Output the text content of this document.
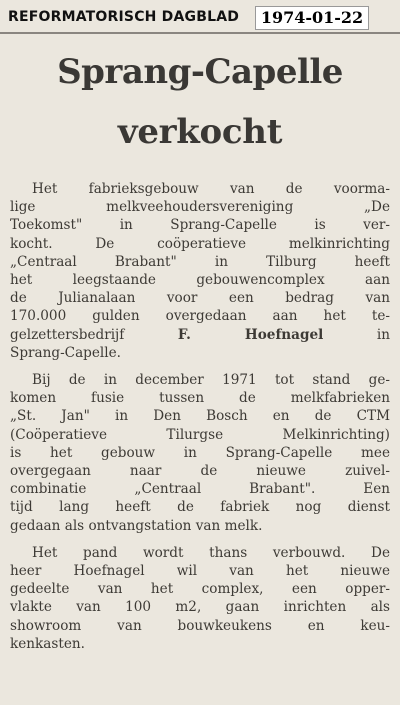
REFORMATORISCH DAGBLAD	1974-01-22
Sprang-Capelle
verkocht
Het fabrieksgebouw van de voorma-
lige melkveehoudersvereniging „De
Toekomst" in Sprang-Capelle is ver-
kocht. De coöperatieve melkinrichting
„Centraal Brabant" in Tilburg heeft
het leegstaande gebouwencomplex aan
de Julianalaan voor een bedrag van
170.000 gulden overgedaan aan het te-
gelzettersbedrijf	F. Hoefnagel	in
Sprang-Capelle.
Bij de in december 1971 tot stand ge-
komen fusie tussen de melkfabrieken
„St. Jan" in Den Bosch en de CTM
(Coöperatieve Tilurgse Melkinrichting)
is het gebouw in Sprang-Capelle mee
overgegaan naar de nieuwe zuivel-
combinatie „Centraal Brabant". Een
tijd lang heeft de fabriek nog dienst
gedaan als ontvangstation van melk.
Het pand wordt thans verbouwd. De
heer Hoefnagel wil van het nieuwe
gedeelte van het complex, een opper-
vlakte van 100 m2, gaan inrichten als
showroom van bouwkeukens en keu-
kenkasten.
